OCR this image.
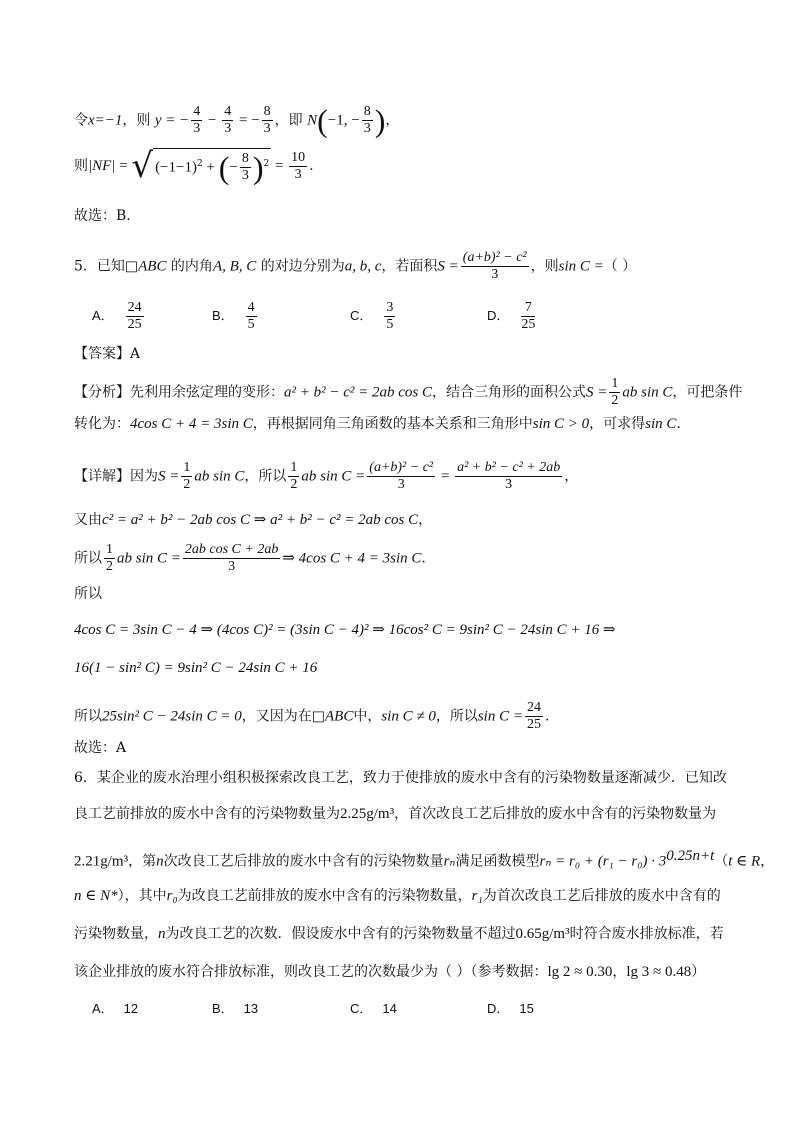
令x=−1，则 y = − $\frac{4}{3} - \frac{4}{3}$ = − $\frac{8}{3}$ ，即 N(−1, − $\frac{8}{3}$ )，
则|NF| = √ $(-1-1)^2$ + (− $\frac{8}{3} )^2 = \frac{10}{3}$ .
故选：B.
5．已知□ABC 的内角A, B, C 的对边分别为a, b, c，若面积$S = \frac{\text{(a+b)² − c²}}{3}$ ，则sin C =（ ）
A． $\frac{24}{25}$	B． $\frac{4}{5}$	C． $\frac{3}{5}$	D． $\frac{7}{25}$
【答案】A
【分析】先利用余弦定理的变形：a² + b² − c² = 2ab cos C，结合三角形的面积公式$S = \frac{1}{2}$ ab sin C，可把条件
转化为：4cos C + 4 = 3sin C，再根据同角三角函数的基本关系和三角形中sin C > 0，可求得sin C.
【详解】因为$S = \frac{1}{2}$ ab sin C，所以 $\frac{1}{2}$ ab $\sin C = \frac{\text{(a+b)² − c²}}{3} = \frac{\text{a² + b² − c² + 2ab}}{3}$ ，
又由c² = a² + b² − 2ab cos C ⇒ a² + b² − c² = 2ab cos C，
所以 $\frac{1}{2}$ ab $\sin C = \frac{\text{2ab cos C + 2ab}}{3}$ ⇒ 4cos C + 4 = 3sin C.
所以
4cos C = 3sin C − 4 ⇒ (4cos C)² = (3sin C − 4)² ⇒ 16cos² C = 9sin² C − 24sin C + 16 ⇒
16(1 − sin² C) = 9sin² C − 24sin C + 16
所以25sin² C − 24sin C = 0，又因为在□ABC中，sin C ≠ 0，所以$\sin C = \frac{24}{25}$ .
故选：A
6．某企业的废水治理小组积极探索改良工艺，致力于使排放的废水中含有的污染物数量逐渐减少．已知改
良工艺前排放的废水中含有的污染物数量为2.25g/m³，首次改良工艺后排放的废水中含有的污染物数量为
2.21g/m³，第n次改良工艺后排放的废水中含有的污染物数量rₙ满足函数模型$r_n = r_0 + (r_1 - r_0) \cdot 3^{0.25n+t}(t$ ∈ R，
n ∈ N*），其中r₀为改良工艺前排放的废水中含有的污染物数量，r₁为首次改良工艺后排放的废水中含有的
污染物数量，n为改良工艺的次数．假设废水中含有的污染物数量不超过0.65g/m³时符合废水排放标准，若
该企业排放的废水符合排放标准，则改良工艺的次数最少为（ ）（参考数据：lg 2 ≈ 0.30，lg 3 ≈ 0.48）
A． 12	B． 13	C． 14	D． 15
